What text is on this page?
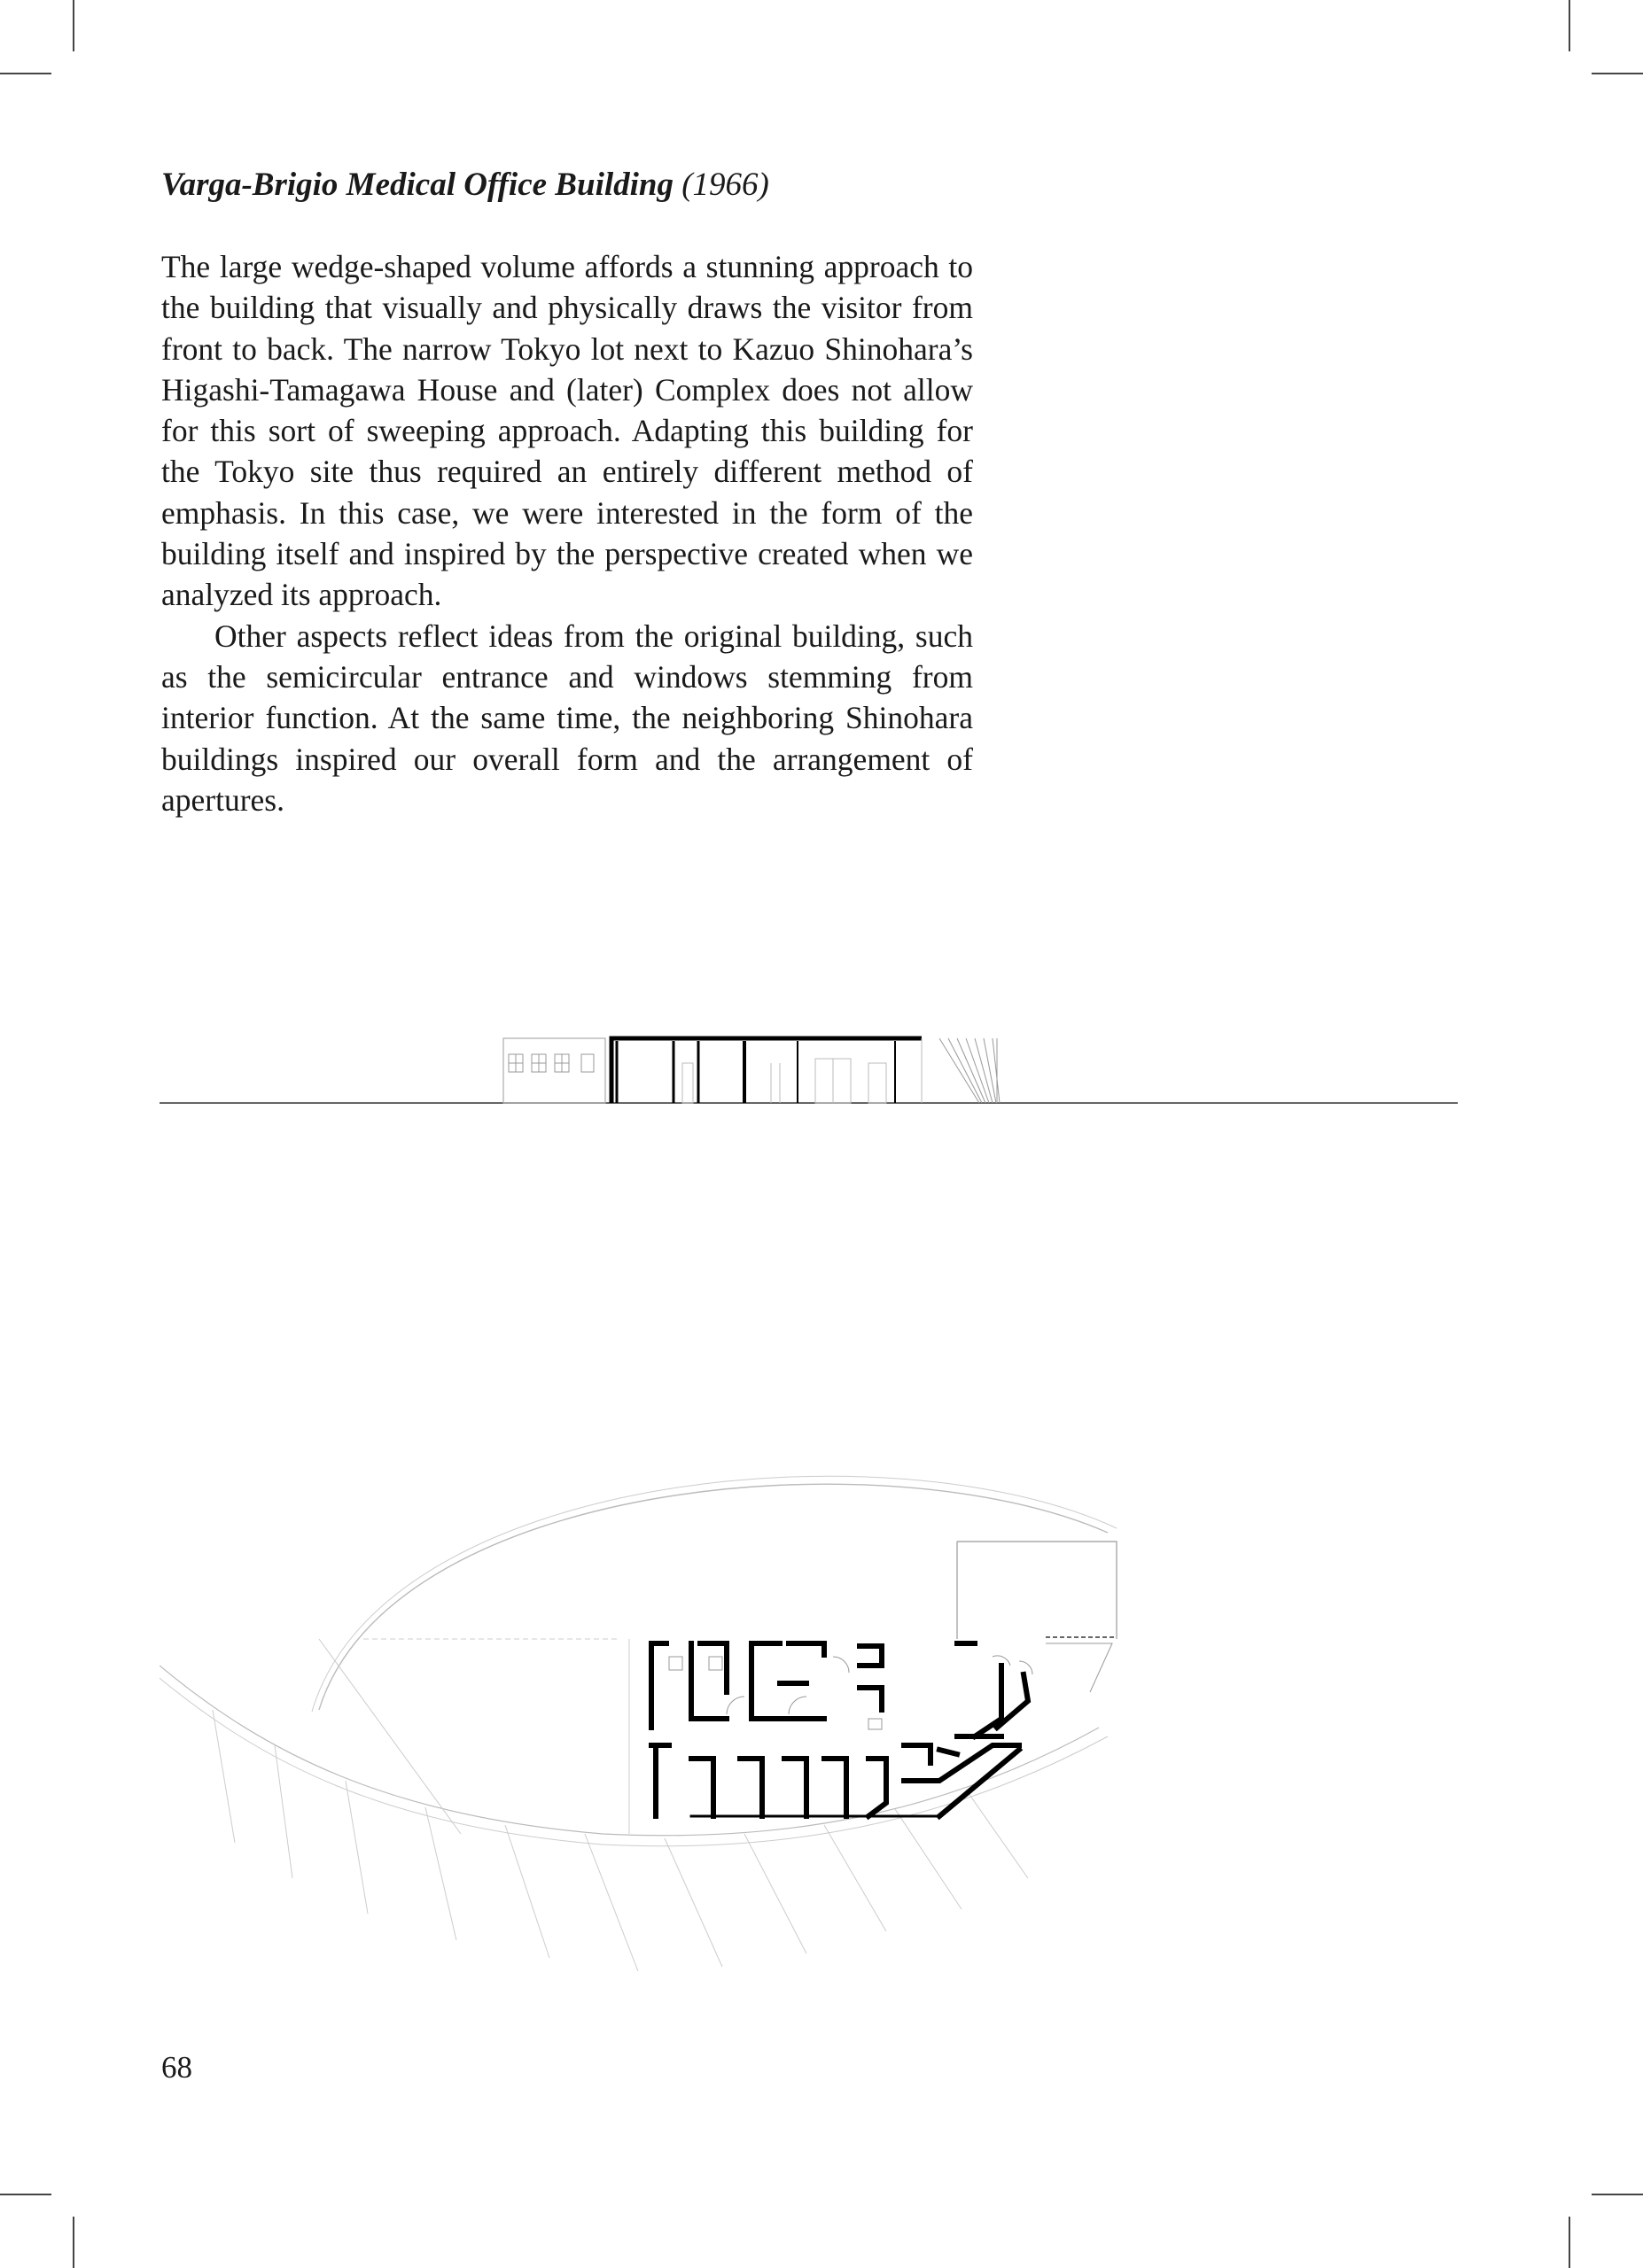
Varga-Brigio Medical Office Building (1966)

The large wedge-shaped volume affords a stunning approach to the building that visually and physically draws the visitor from front to back. The narrow Tokyo lot next to Kazuo Shinohara’s Higashi-Tamagawa House and (later) Complex does not allow for this sort of sweeping approach. Adapting this building for the Tokyo site thus required an entirely different method of emphasis. In this case, we were interested in the form of the building itself and inspired by the perspective created when we analyzed its approach.

Other aspects reflect ideas from the original building, such as the semicircular entrance and windows stemming from interior function. At the same time, the neighboring Shinohara buildings inspired our overall form and the arrangement of apertures.

68
